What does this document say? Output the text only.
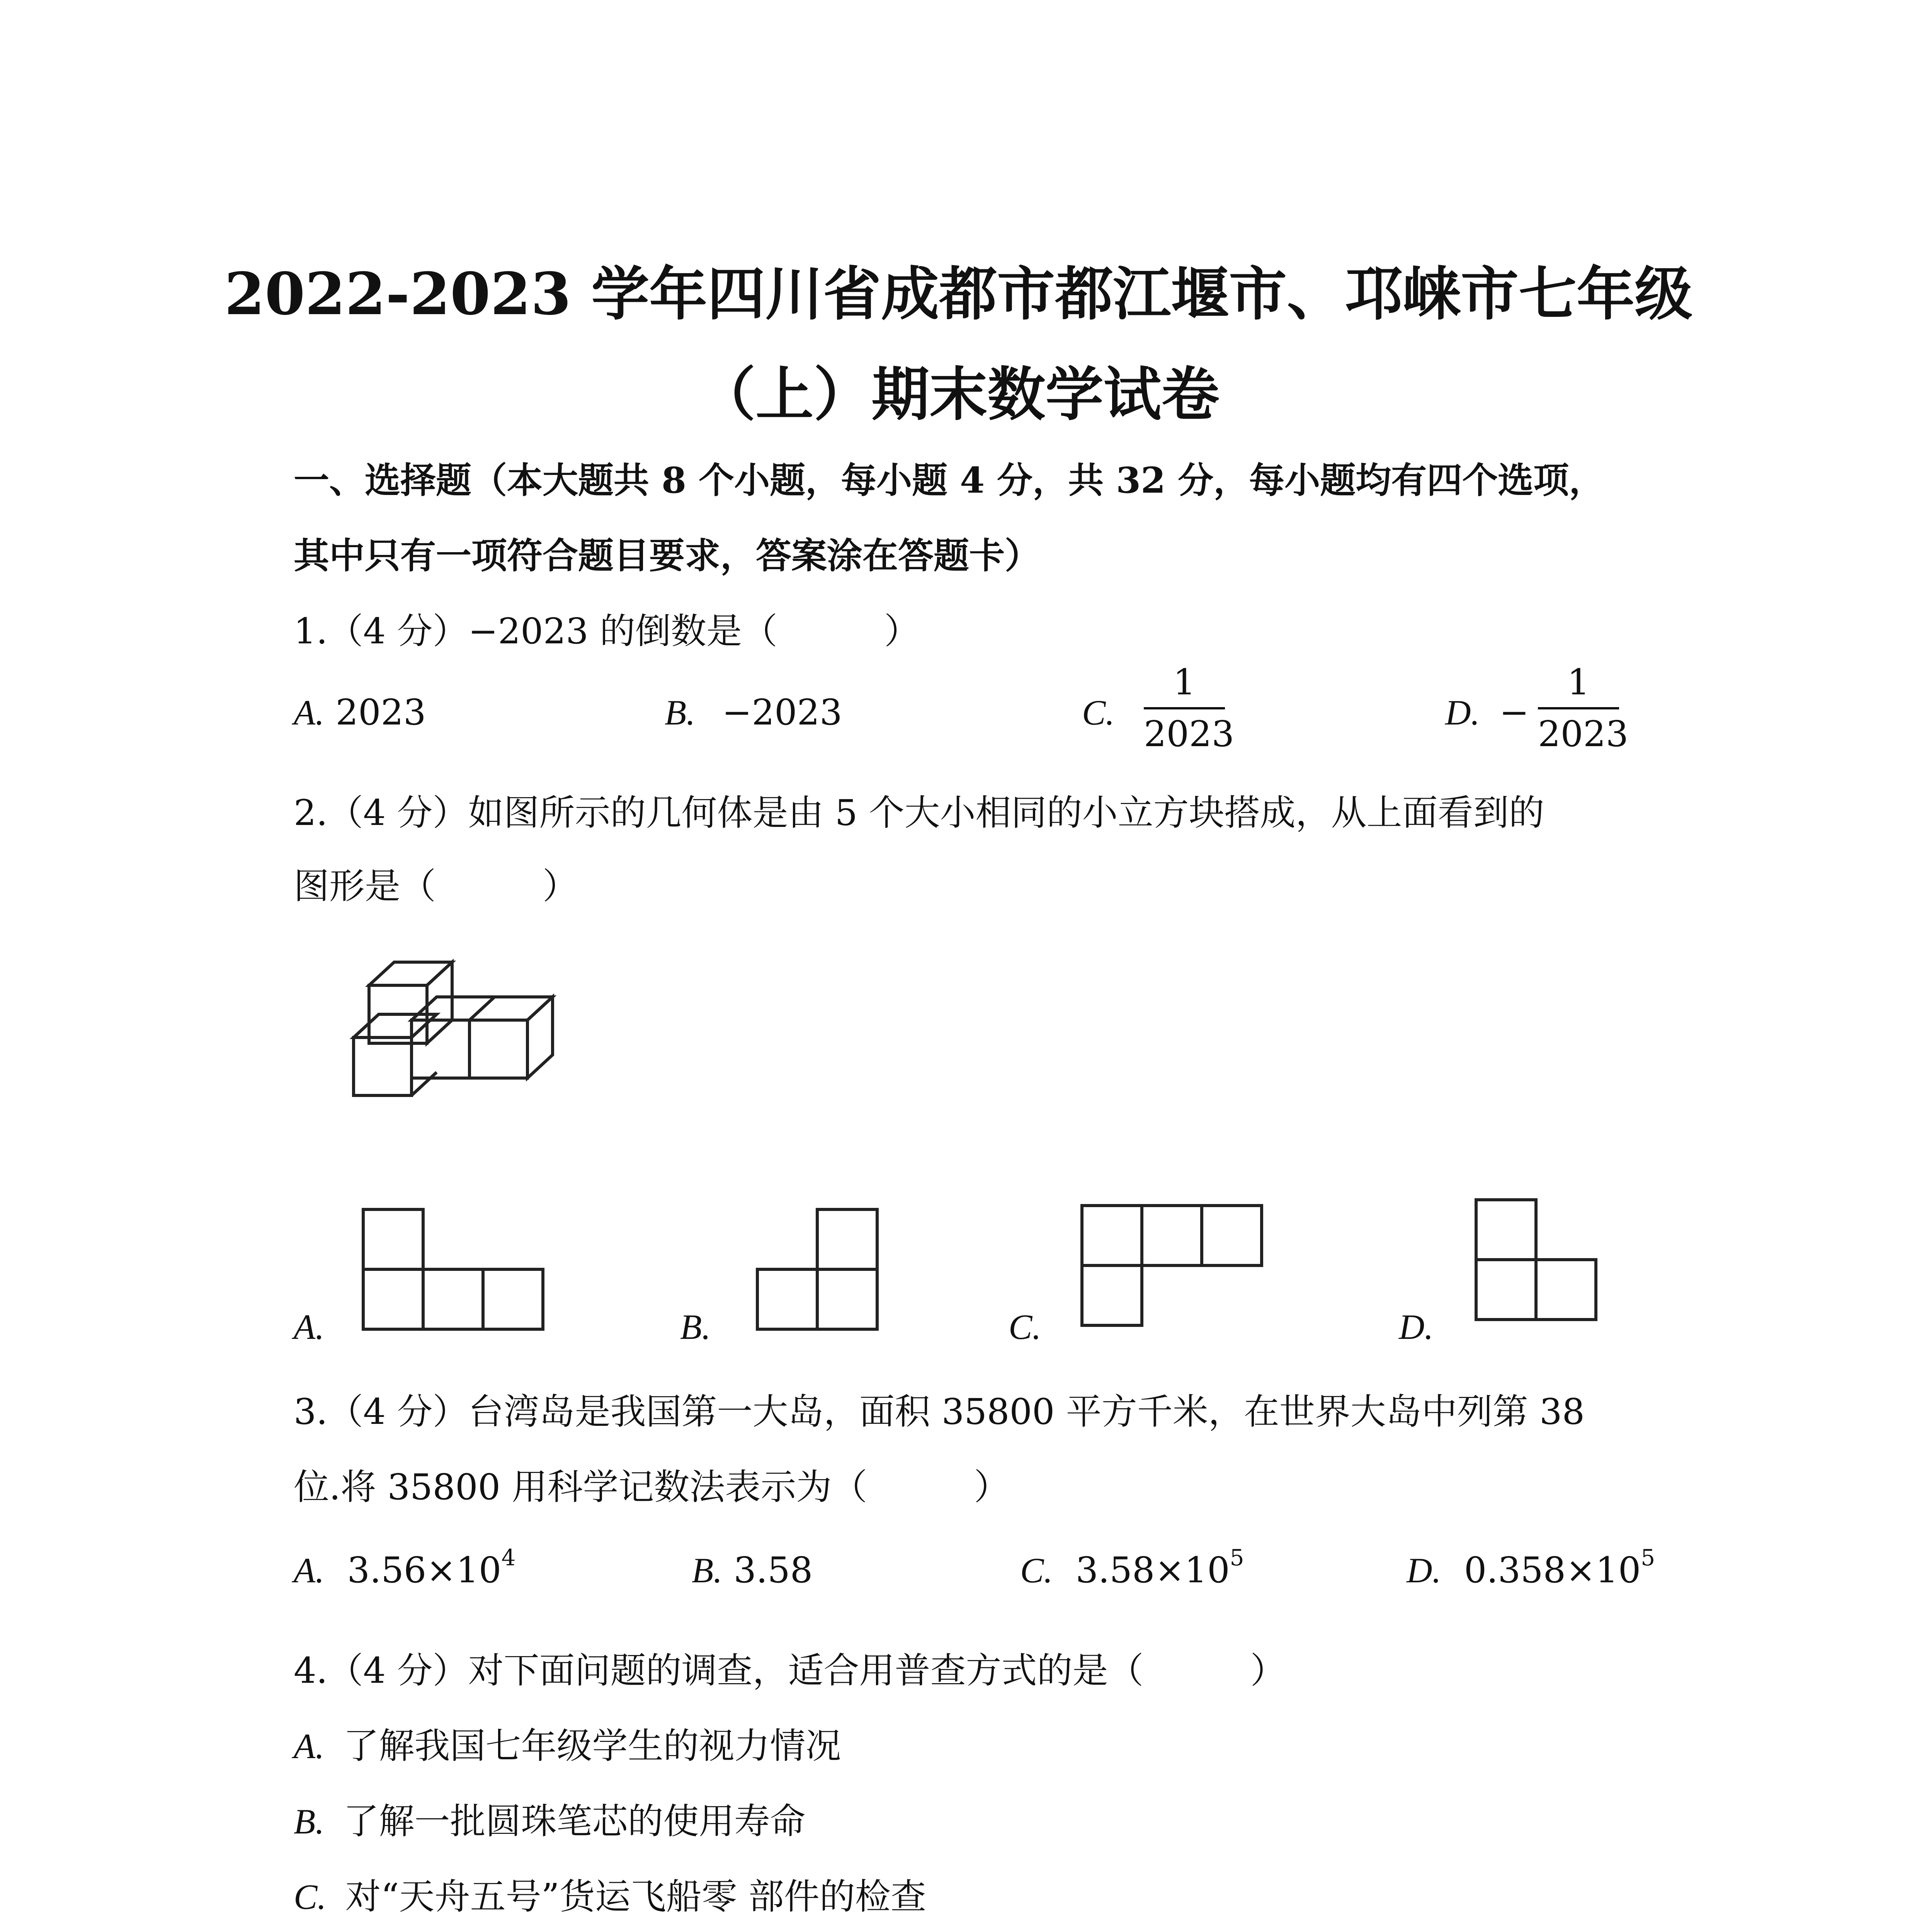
2022-2023 学年四川省成都市都江堰市、邛崃市七年级
（上）期末数学试卷
一、选择题（本大题共 8 个小题，每小题 4 分，共 32 分，每小题均有四个选项，
其中只有一项符合题目要求，答案涂在答题卡）
1.（4 分）−2023 的倒数是（　　　）
A. 2023	B. −2023	C.
1
2023
D. −
1
2023
2.（4 分）如图所示的几何体是由 5 个大小相同的小立方块搭成，从上面看到的
图形是（　　　）
A.	B.	C.	D.
3.（4 分）台湾岛是我国第一大岛，面积 35800 平方千米，在世界大岛中列第 38
位.将 35800 用科学记数法表示为（　　　）
A. $3.56\times 10^4$	B. 3.58	C. $3.58\times 10^5$	D. $0.358\times 10^5$
4.（4 分）对下面问题的调查，适合用普查方式的是（　　　）
A. 了解我国七年级学生的视力情况
B. 了解一批圆珠笔芯的使用寿命
C. 对“天舟五号”货运飞船零 部件的检查
